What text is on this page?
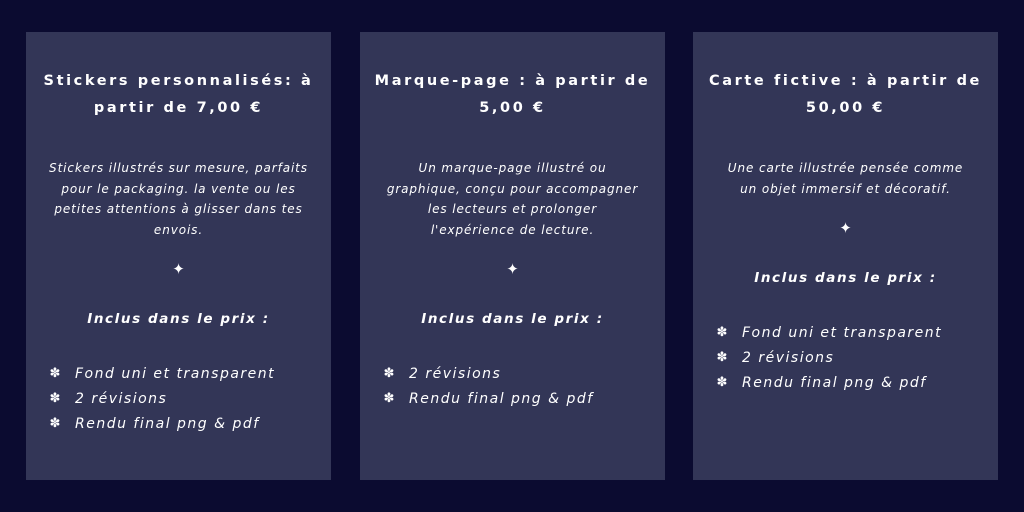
Stickers personnalisés: à
partir de 7,00 €

Stickers illustrés sur mesure, parfaits
pour le packaging. la vente ou les
petites attentions à glisser dans tes
envois.

✦
Inclus dans le prix :
✽ Fond uni et transparent
✽ 2 révisions
✽ Rendu final png & pdf
Marque-page : à partir de
5,00 €

Un marque-page illustré ou
graphique, conçu pour accompagner
les lecteurs et prolonger
l'expérience de lecture.

✦
Inclus dans le prix :
✽ 2 révisions
✽ Rendu final png & pdf
Carte fictive : à partir de
50,00 €

Une carte illustrée pensée comme
un objet immersif et décoratif.

✦
Inclus dans le prix :
✽ Fond uni et transparent
✽ 2 révisions
✽ Rendu final png & pdf
